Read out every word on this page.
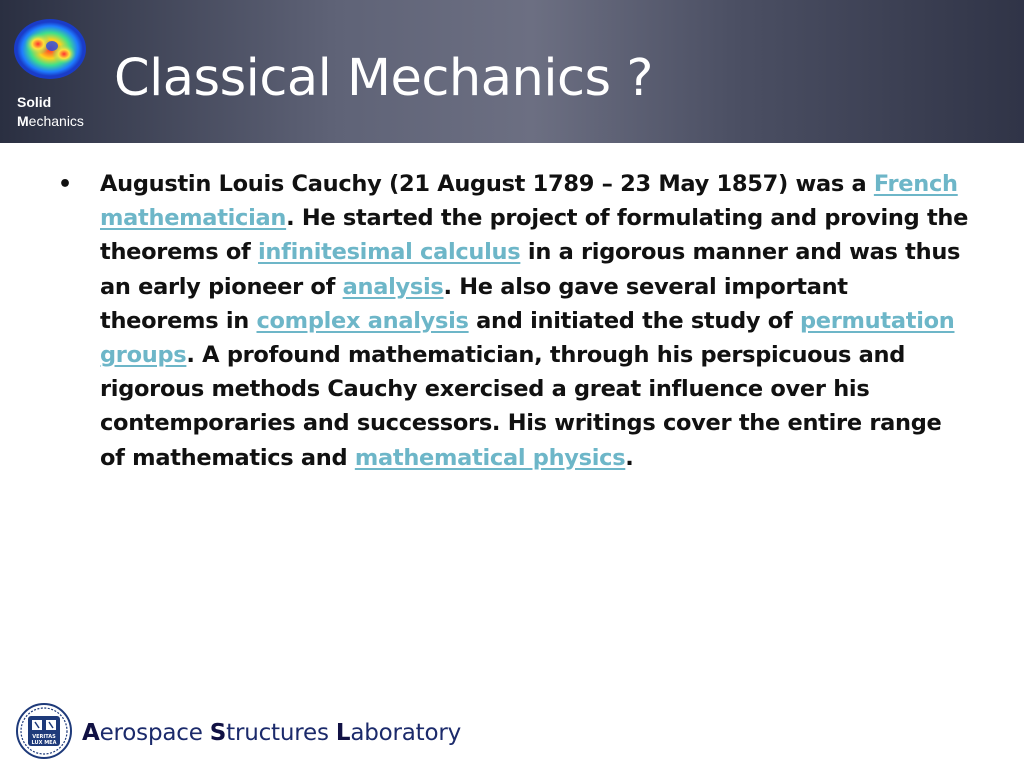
Solid
Mechanics
Classical Mechanics ?
• Augustin Louis Cauchy (21 August 1789 – 23 May 1857) was a French mathematician. He started the project of formulating and proving the theorems of infinitesimal calculus in a rigorous manner and was thus an early pioneer of analysis. He also gave several important theorems in complex analysis and initiated the study of permutation groups. A profound mathematician, through his perspicuous and rigorous methods Cauchy exercised a great influence over his contemporaries and successors. His writings cover the entire range of mathematics and mathematical physics.

VERITAS
LUX MEA Aerospace Structures Laboratory
